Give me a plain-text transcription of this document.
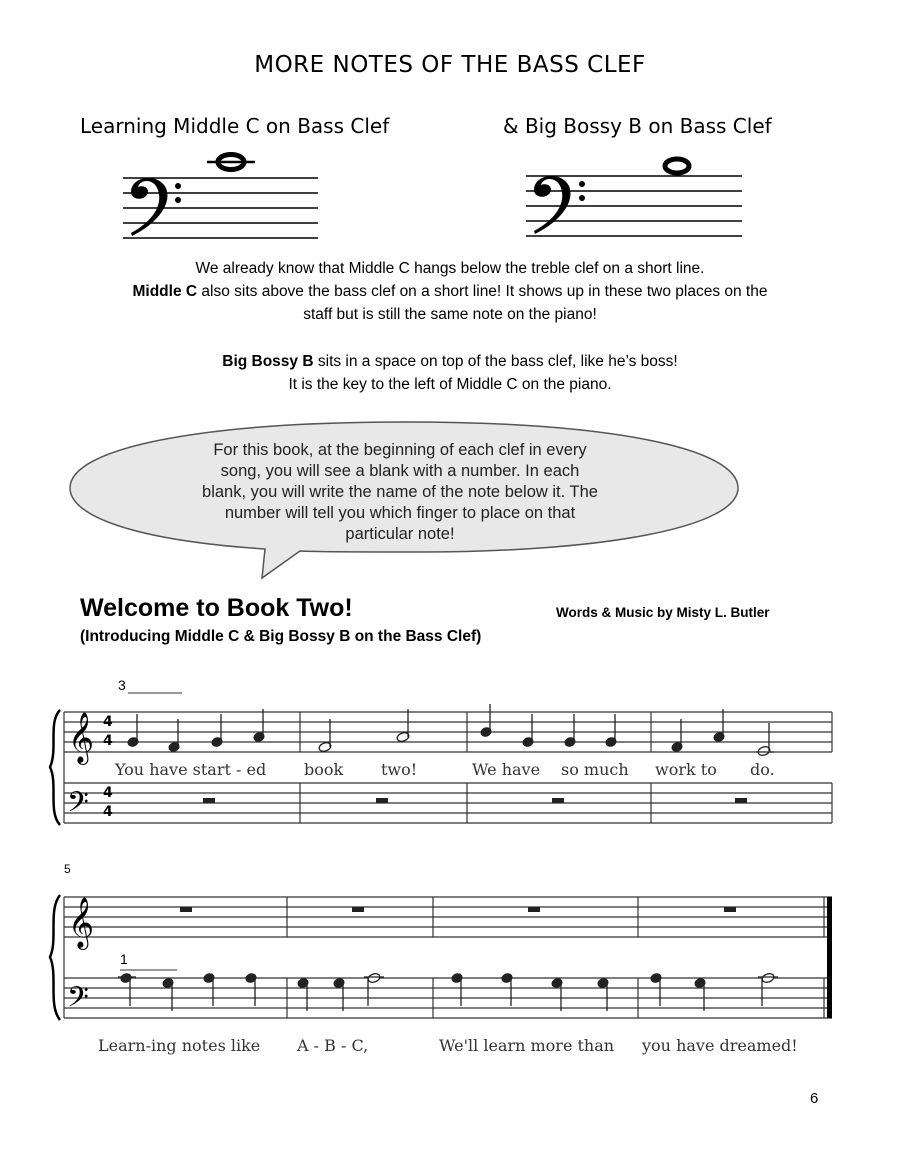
MORE NOTES OF THE BASS CLEF
Learning Middle C on Bass Clef	& Big Bossy B on Bass Clef
𝄞
𝄢
4
4
4
4
𝄞
𝄢
We already know that Middle C hangs below the treble clef on a short line.
Middle C also sits above the bass clef on a short line! It shows up in these two places on the
staff but is still the same note on the piano!
Big Bossy B sits in a space on top of the bass clef, like he’s boss!
It is the key to the left of Middle C on the piano.
For this book, at the beginning of each clef in every
song, you will see a blank with a number. In each
blank, you will write the name of the note below it. The
number will tell you which finger to place on that
particular note!
Welcome to Book Two!
(Introducing Middle C & Big Bossy B on the Bass Clef)
Words & Music by Misty L. Butler
3
You have start - ed book two!	We have so much work to do.
5
1
Learn-ing notes like A - B - C,	We'll learn more than you have dreamed!
6
